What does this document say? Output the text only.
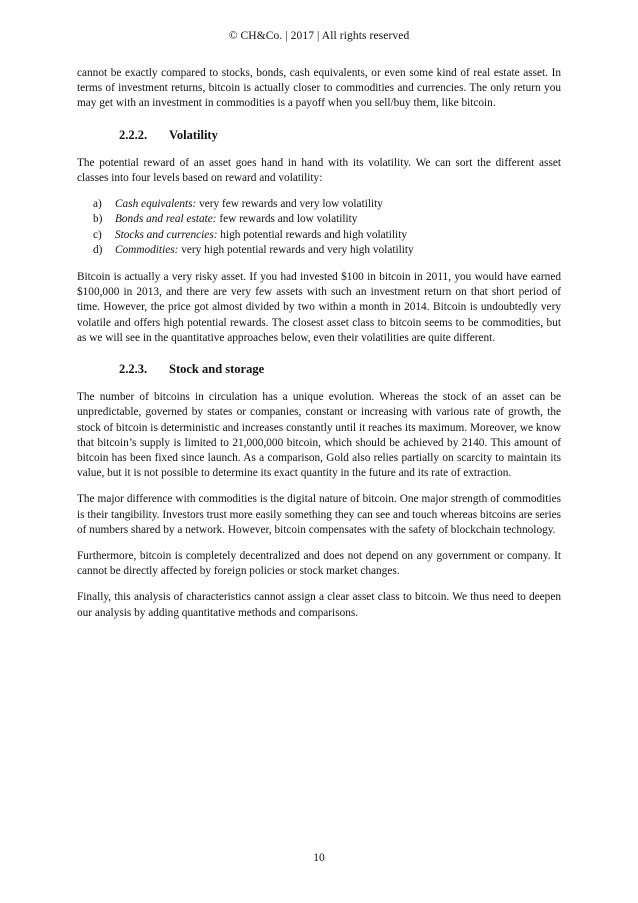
© CH&Co. | 2017 | All rights reserved

cannot be exactly compared to stocks, bonds, cash equivalents, or even some kind of real estate asset. In terms of investment returns, bitcoin is actually closer to commodities and currencies. The only return you may get with an investment in commodities is a payoff when you sell/buy them, like bitcoin.

2.2.2.	Volatility

The potential reward of an asset goes hand in hand with its volatility. We can sort the different asset classes into four levels based on reward and volatility:

a)	Cash equivalents: very few rewards and very low volatility
b)	Bonds and real estate: few rewards and low volatility
c)	Stocks and currencies: high potential rewards and high volatility
d)	Commodities: very high potential rewards and very high volatility

Bitcoin is actually a very risky asset. If you had invested $100 in bitcoin in 2011, you would have earned $100,000 in 2013, and there are very few assets with such an investment return on that short period of time. However, the price got almost divided by two within a month in 2014. Bitcoin is undoubtedly very volatile and offers high potential rewards. The closest asset class to bitcoin seems to be commodities, but as we will see in the quantitative approaches below, even their volatilities are quite different.

2.2.3.	Stock and storage

The number of bitcoins in circulation has a unique evolution. Whereas the stock of an asset can be unpredictable, governed by states or companies, constant or increasing with various rate of growth, the stock of bitcoin is deterministic and increases constantly until it reaches its maximum. Moreover, we know that bitcoin’s supply is limited to 21,000,000 bitcoin, which should be achieved by 2140. This amount of bitcoin has been fixed since launch. As a comparison, Gold also relies partially on scarcity to maintain its value, but it is not possible to determine its exact quantity in the future and its rate of extraction.

The major difference with commodities is the digital nature of bitcoin. One major strength of commodities is their tangibility. Investors trust more easily something they can see and touch whereas bitcoins are series of numbers shared by a network. However, bitcoin compensates with the safety of blockchain technology.

Furthermore, bitcoin is completely decentralized and does not depend on any government or company. It cannot be directly affected by foreign policies or stock market changes.

Finally, this analysis of characteristics cannot assign a clear asset class to bitcoin. We thus need to deepen our analysis by adding quantitative methods and comparisons.

10
